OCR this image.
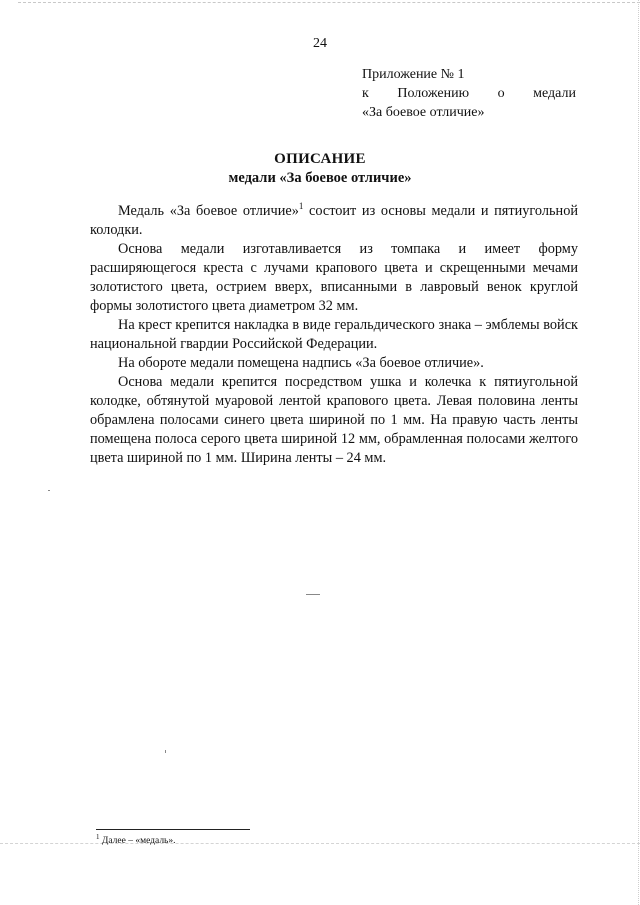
24
Приложение № 1
к Положению о медали
«За боевое отличие»
ОПИСАНИЕ
медали «За боевое отличие»

Медаль «За боевое отличие»$^1$ состоит из основы медали и пятиугольной колодки.

Основа медали изготавливается из томпака и имеет форму расширяющегося креста с лучами крапового цвета и скрещенными мечами золотистого цвета, острием вверх, вписанными в лавровый венок круглой формы золотистого цвета диаметром 32 мм.

На крест крепится накладка в виде геральдического знака – эмблемы войск национальной гвардии Российской Федерации.

На обороте медали помещена надпись «За боевое отличие».

Основа медали крепится посредством ушка и колечка к пятиугольной колодке, обтянутой муаровой лентой крапового цвета. Левая половина ленты обрамлена полосами синего цвета шириной по 1 мм. На правую часть ленты помещена полоса серого цвета шириной 12 мм, обрамленная полосами желтого цвета шириной по 1 мм. Ширина ленты – 24 мм.

$^1$ Далее – «медаль».
